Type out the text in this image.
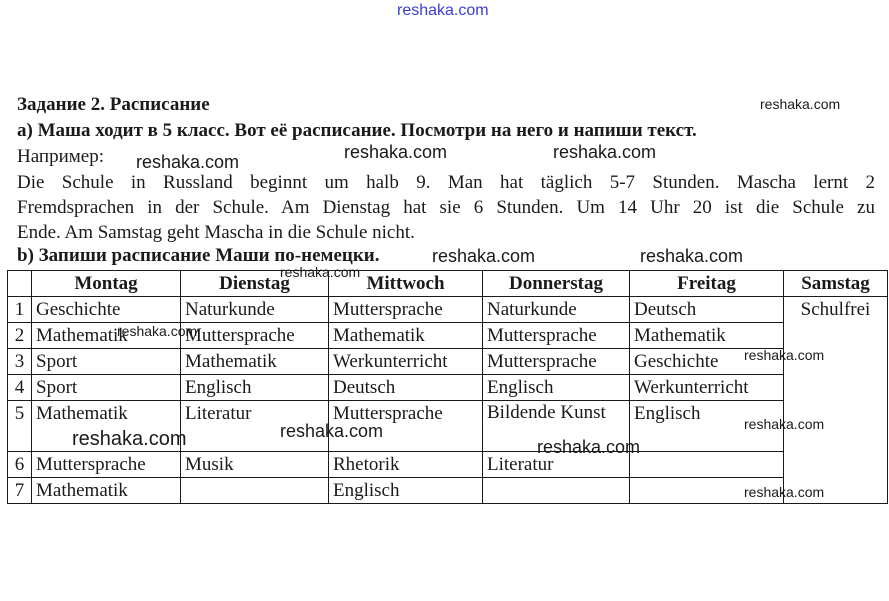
reshaka.com
reshaka.com
reshaka.com	reshaka.com	reshaka.com
reshaka.com	reshaka.com
reshaka.com
reshaka.com
reshaka.com
reshaka.com
reshaka.com	reshaka.com
reshaka.com
reshaka.com
Задание 2. Расписание
а) Маша ходит в 5 класс. Вот её расписание. Посмотри на него и напиши текст.
Например:
Die Schule in Russland beginnt um halb 9. Man hat täglich 5-7 Stunden. Mascha lernt 2
Fremdsprachen in der Schule. Am Dienstag hat sie 6 Stunden. Um 14 Uhr 20 ist die Schule zu
Ende. Am Samstag geht Mascha in die Schule nicht.
b) Запиши расписание Маши по-немецки.
	Montag	Dienstag	Mittwoch	Donnerstag	Freitag	Samstag
1	Geschichte	Naturkunde	Muttersprache	Naturkunde	Deutsch	Schulfrei
2	Mathematik	Muttersprache	Mathematik	Muttersprache	Mathematik	
3	Sport	Mathematik	Werkunterricht	Muttersprache	Geschichte	
4	Sport	Englisch	Deutsch	Englisch	Werkunterricht	
5	Mathematik	Literatur	Muttersprache	Bildende Kunst	Englisch	
6	Muttersprache	Musik	Rhetorik	Literatur		
7	Mathematik		Englisch			
